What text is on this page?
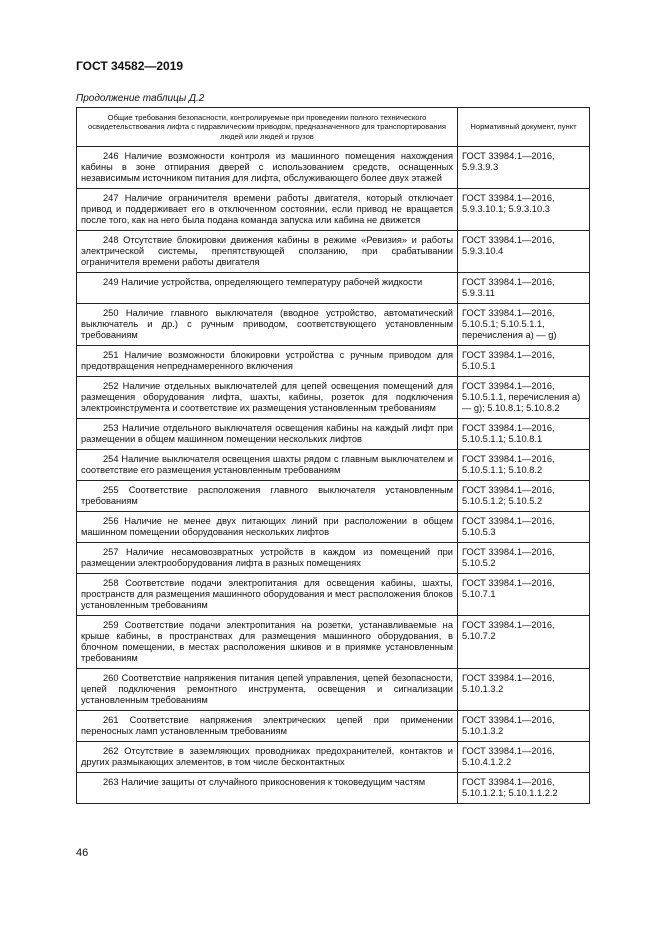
ГОСТ 34582—2019
Продолжение таблицы Д.2
Общие требования безопасности, контролируемые при проведении полного технического освидетельствования лифта с гидравлическим приводом, предназначенного для транспортирования людей или людей и грузов	Нормативный документ, пункт
246 Наличие возможности контроля из машинного помещения нахождения кабины в зоне отпирания дверей с использованием средств, оснащенных независимым источником питания для лифта, обслуживающего более двух этажей	ГОСТ 33984.1—2016, 5.9.3.9.3
247 Наличие ограничителя времени работы двигателя, который отключает привод и поддерживает его в отключенном состоянии, если привод не вращается после того, как на него была подана команда запуска или кабина не движется	ГОСТ 33984.1—2016, 5.9.3.10.1; 5.9.3.10.3
248 Отсутствие блокировки движения кабины в режиме «Ревизия» и работы электрической системы, препятствующей сползанию, при срабатывании ограничителя времени работы двигателя	ГОСТ 33984.1—2016, 5.9.3.10.4
249 Наличие устройства, определяющего температуру рабочей жидкости	ГОСТ 33984.1—2016, 5.9.3.11
250 Наличие главного выключателя (вводное устройство, автоматический выключатель и др.) с ручным приводом, соответствующего установленным требованиям	ГОСТ 33984.1—2016, 5.10.5.1; 5.10.5.1.1, перечисления а) — g)
251 Наличие возможности блокировки устройства с ручным приводом для предотвращения непреднамеренного включения	ГОСТ 33984.1—2016, 5.10.5.1
252 Наличие отдельных выключателей для цепей освещения помещений для размещения оборудования лифта, шахты, кабины, розеток для подключения электроинструмента и соответствие их размещения установленным требованиям	ГОСТ 33984.1—2016, 5.10.5.1.1, перечисления а) — g); 5.10.8.1; 5.10.8.2
253 Наличие отдельного выключателя освещения кабины на каждый лифт при размещении в общем машинном помещении нескольких лифтов	ГОСТ 33984.1—2016, 5.10.5.1.1; 5.10.8.1
254 Наличие выключателя освещения шахты рядом с главным выключателем и соответствие его размещения установленным требованиям	ГОСТ 33984.1—2016, 5.10.5.1.1; 5.10.8.2
255 Соответствие расположения главного выключателя установленным требованиям	ГОСТ 33984.1—2016, 5.10.5.1.2; 5.10.5.2
256 Наличие не менее двух питающих линий при расположении в общем машинном помещении оборудования нескольких лифтов	ГОСТ 33984.1—2016, 5.10.5.3
257 Наличие несамовозвратных устройств в каждом из помещений при размещении электрооборудования лифта в разных помещениях	ГОСТ 33984.1—2016, 5.10.5.2
258 Соответствие подачи электропитания для освещения кабины, шахты, пространств для размещения машинного оборудования и мест расположения блоков установленным требованиям	ГОСТ 33984.1—2016, 5.10.7.1
259 Соответствие подачи электропитания на розетки, устанавливаемые на крыше кабины, в пространствах для размещения машинного оборудования, в блочном помещении, в местах расположения шкивов и в приямке установленным требованиям	ГОСТ 33984.1—2016, 5.10.7.2
260 Соответствие напряжения питания цепей управления, цепей безопасности, цепей подключения ремонтного инструмента, освещения и сигнализации установленным требованиям	ГОСТ 33984.1—2016, 5.10.1.3.2
261 Соответствие напряжения электрических цепей при применении переносных ламп установленным требованиям	ГОСТ 33984.1—2016, 5.10.1.3.2
262 Отсутствие в заземляющих проводниках предохранителей, контактов и других размыкающих элементов, в том числе бесконтактных	ГОСТ 33984.1—2016, 5.10.4.1.2.2
263 Наличие защиты от случайного прикосновения к токоведущим частям	ГОСТ 33984.1—2016, 5.10.1.2.1; 5.10.1.1.2.2
46
